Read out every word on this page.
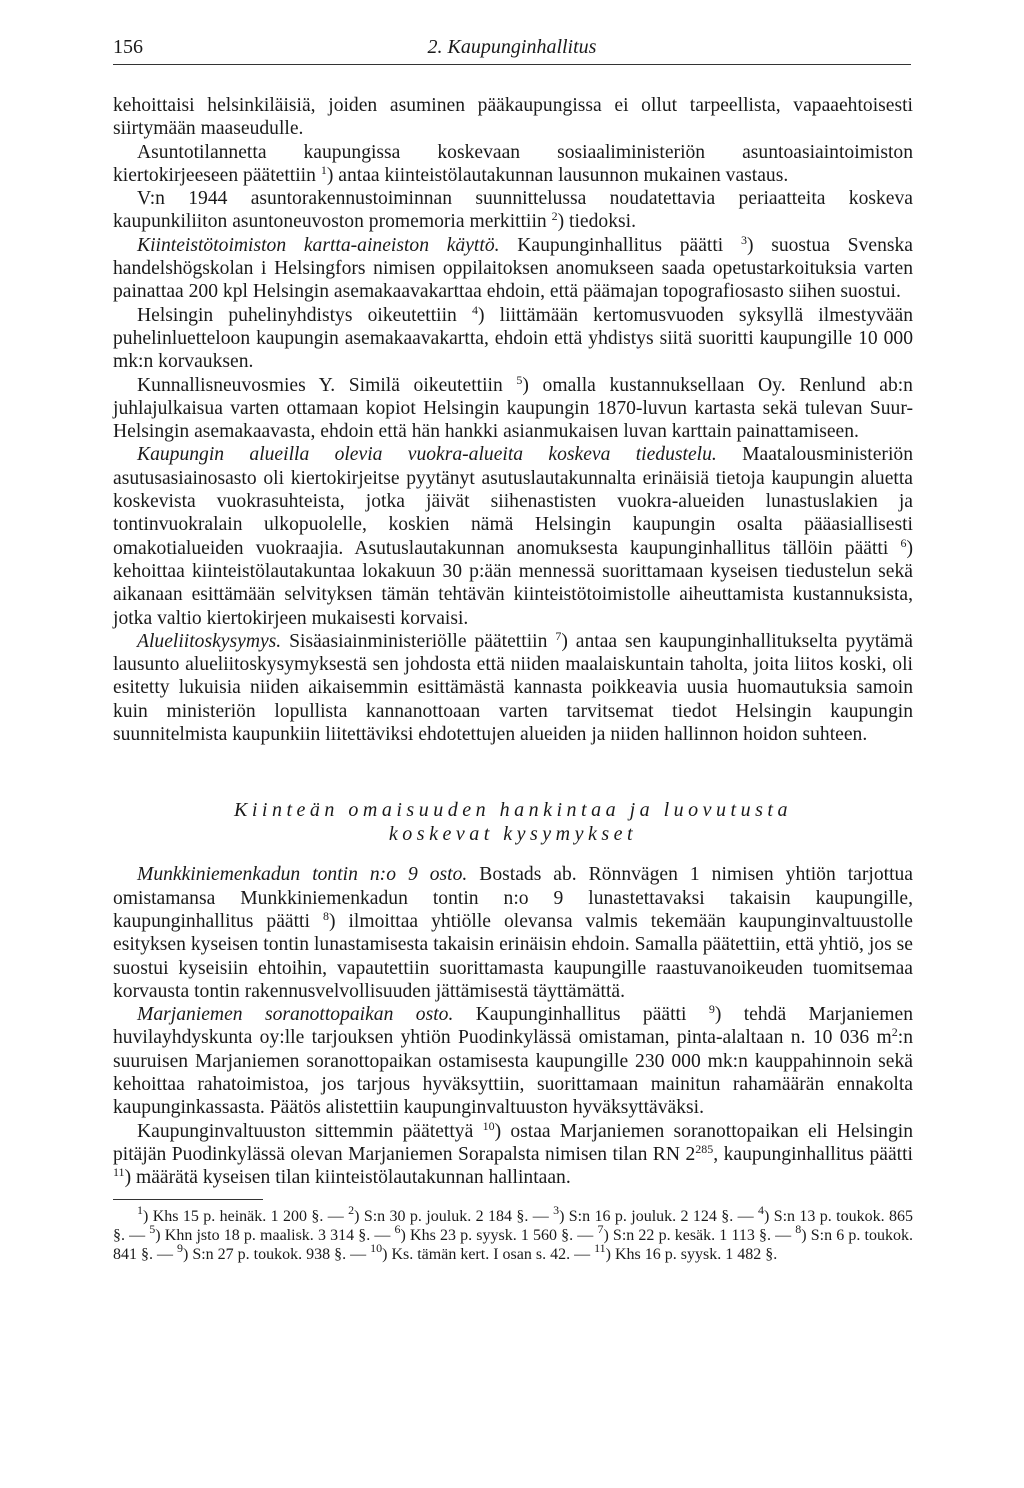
156	2. Kaupunginhallitus

kehoittaisi helsinkiläisiä, joiden asuminen pääkaupungissa ei ollut tarpeellista, vapaaehtoisesti siirtymään maaseudulle.

Asuntotilannetta kaupungissa koskevaan sosiaaliministeriön asuntoasiaintoimiston kiertokirjeeseen päätettiin $^1$) antaa kiinteistölautakunnan lausunnon mukainen vastaus.

V:n 1944 asuntorakennustoiminnan suunnittelussa noudatettavia periaatteita koskeva kaupunkiliiton asuntoneuvoston promemoria merkittiin $^2$) tiedoksi.

Kiinteistötoimiston kartta-aineiston käyttö. Kaupunginhallitus päätti $^3$) suostua Svenska handelshögskolan i Helsingfors nimisen oppilaitoksen anomukseen saada opetustarkoituksia varten painattaa 200 kpl Helsingin asemakaavakarttaa ehdoin, että päämajan topografiosasto siihen suostui.

Helsingin puhelinyhdistys oikeutettiin $^4$) liittämään kertomusvuoden syksyllä ilmestyvään puhelinluetteloon kaupungin asemakaavakartta, ehdoin että yhdistys siitä suoritti kaupungille 10 000 mk:n korvauksen.

Kunnallisneuvosmies Y. Similä oikeutettiin $^5$) omalla kustannuksellaan Oy. Renlund ab:n juhlajulkaisua varten ottamaan kopiot Helsingin kaupungin 1870-luvun kartasta sekä tulevan Suur-Helsingin asemakaavasta, ehdoin että hän hankki asianmukaisen luvan karttain painattamiseen.

Kaupungin alueilla olevia vuokra-alueita koskeva tiedustelu. Maatalousministeriön asutusasiainosasto oli kiertokirjeitse pyytänyt asutuslautakunnalta erinäisiä tietoja kaupungin aluetta koskevista vuokrasuhteista, jotka jäivät siihenastisten vuokra-alueiden lunastuslakien ja tontinvuokralain ulkopuolelle, koskien nämä Helsingin kaupungin osalta pääasiallisesti omakotialueiden vuokraajia. Asutuslautakunnan anomuksesta kaupunginhallitus tällöin päätti $^6$) kehoittaa kiinteistölautakuntaa lokakuun 30 p:ään mennessä suorittamaan kyseisen tiedustelun sekä aikanaan esittämään selvityksen tämän tehtävän kiinteistötoimistolle aiheuttamista kustannuksista, jotka valtio kiertokirjeen mukaisesti korvaisi.

Alueliitoskysymys. Sisäasiainministeriölle päätettiin $^7$) antaa sen kaupunginhallitukselta pyytämä lausunto alueliitoskysymyksestä sen johdosta että niiden maalaiskuntain taholta, joita liitos koski, oli esitetty lukuisia niiden aikaisemmin esittämästä kannasta poikkeavia uusia huomautuksia samoin kuin ministeriön lopullista kannanottoaan varten tarvitsemat tiedot Helsingin kaupungin suunnitelmista kaupunkiin liitettäviksi ehdotettujen alueiden ja niiden hallinnon hoidon suhteen.

Kiinteän omaisuuden hankintaa ja luovutusta
koskevat kysymykset

Munkkiniemenkadun tontin n:o 9 osto. Bostads ab. Rönnvägen 1 nimisen yhtiön tarjottua omistamansa Munkkiniemenkadun tontin n:o 9 lunastettavaksi takaisin kaupungille, kaupunginhallitus päätti $^8$) ilmoittaa yhtiölle olevansa valmis tekemään kaupunginvaltuustolle esityksen kyseisen tontin lunastamisesta takaisin erinäisin ehdoin. Samalla päätettiin, että yhtiö, jos se suostui kyseisiin ehtoihin, vapautettiin suorittamasta kaupungille raastuvanoikeuden tuomitsemaa korvausta tontin rakennusvelvollisuuden jättämisestä täyttämättä.

Marjaniemen soranottopaikan osto. Kaupunginhallitus päätti $^9$) tehdä Marjaniemen huvilayhdyskunta oy:lle tarjouksen yhtiön Puodinkylässä omistaman, pinta-alaltaan n. 10 036 $m^2:n$ suuruisen Marjaniemen soranottopaikan ostamisesta kaupungille 230 000 mk:n kauppahinnoin sekä kehoittaa rahatoimistoa, jos tarjous hyväksyttiin, suorittamaan mainitun rahamäärän ennakolta kaupunginkassasta. Päätös alistettiin kaupunginvaltuuston hyväksyttäväksi.

Kaupunginvaltuuston sittemmin päätettyä $^{10}$) ostaa Marjaniemen soranottopaikan eli Helsingin pitäjän Puodinkylässä olevan Marjaniemen Sorapalsta nimisen tilan RN $2^{285}$, kaupunginhallitus päätti $^{11}$) määrätä kyseisen tilan kiinteistölautakunnan hallintaan.

$^1$) Khs 15 p. heinäk. 1 200 §. — $^2$) S:n 30 p. jouluk. 2 184 §. — $^3$) S:n 16 p. jouluk. 2 124 §. — $^4$) S:n 13 p. toukok. 865 §. — $^5$) Khn jsto 18 p. maalisk. 3 314 §. — $^6$) Khs 23 p. syysk. 1 560 §. — $^7$) S:n 22 p. kesäk. 1 113 §. — $^8$) S:n 6 p. toukok. 841 §. — $^9$) S:n 27 p. toukok. 938 §. — $^{10}$) Ks. tämän kert. I osan s. 42. — $^{11}$) Khs 16 p. syysk. 1 482 §.
